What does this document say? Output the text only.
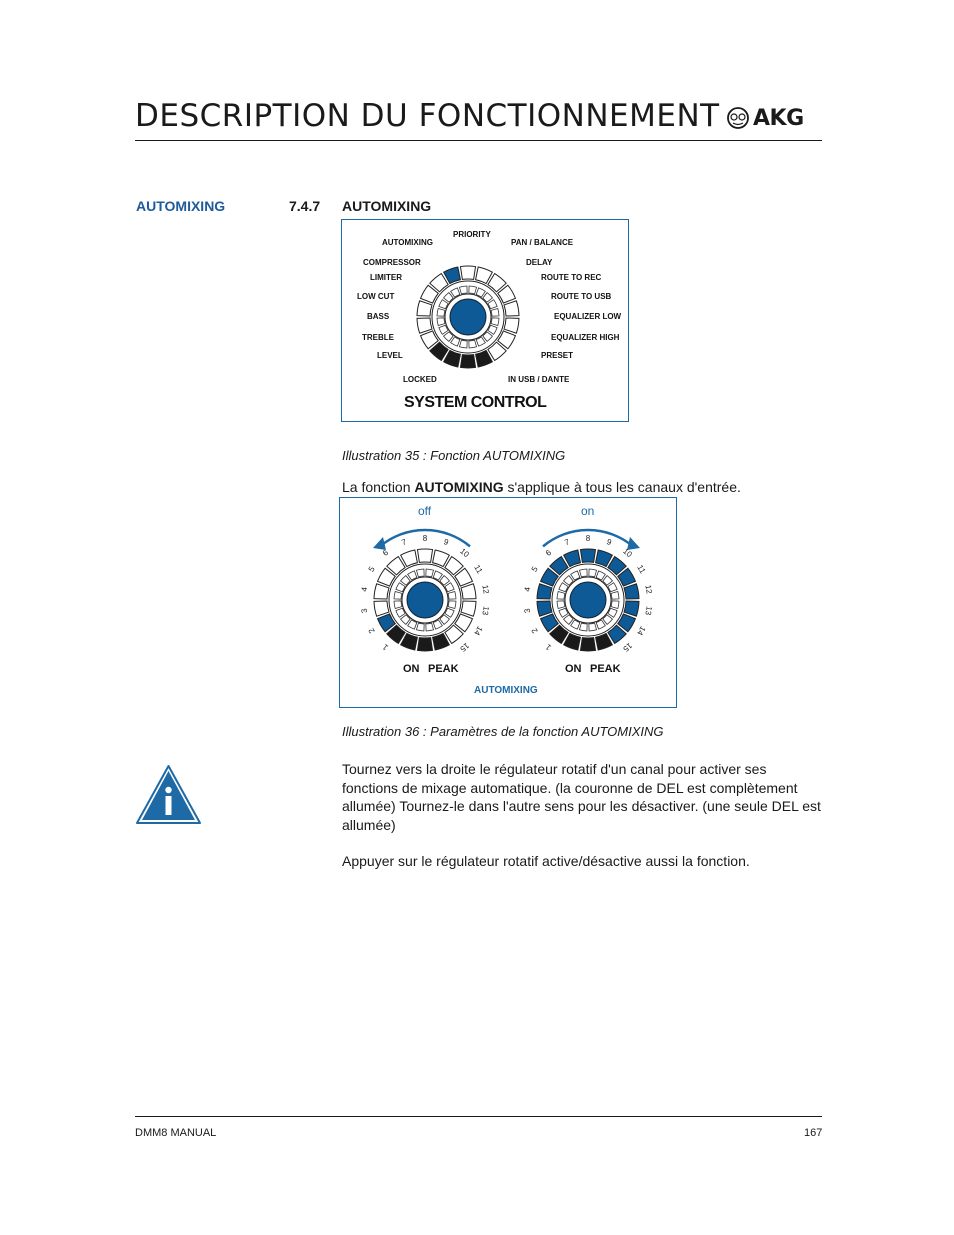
DESCRIPTION DU FONCTIONNEMENT AKG
AUTOMIXING	7.4.7 AUTOMIXING
AUTOMIXING
COMPRESSOR
LIMITER
LOW CUT
BASS
TREBLE
LEVEL
LOCKED
PRIORITY
PAN / BALANCE
DELAY
ROUTE TO REC
ROUTE TO USB
EQUALIZER LOW
EQUALIZER HIGH
PRESET
IN USB / DANTE
SYSTEM CONTROL
Illustration 35 : Fonction AUTOMIXING
La fonction AUTOMIXING s'applique à tous les canaux d'entrée.
1
2
3
4
5
6
7 8 9
10
11
12
13
14
15	1
2
3
4
5
6
7 8 9
10
11
12
13
14
15
off	on
ON PEAK	ON PEAK
AUTOMIXING
Illustration 36 : Paramètres de la fonction AUTOMIXING
Tournez vers la droite le régulateur rotatif d'un canal pour activer ses fonctions de mixage automatique. (la couronne de DEL est complètement allumée) Tournez-le dans l'autre sens pour les désactiver. (une seule DEL est allumée)
Appuyer sur le régulateur rotatif active/désactive aussi la fonction.
DMM8 MANUAL	167
